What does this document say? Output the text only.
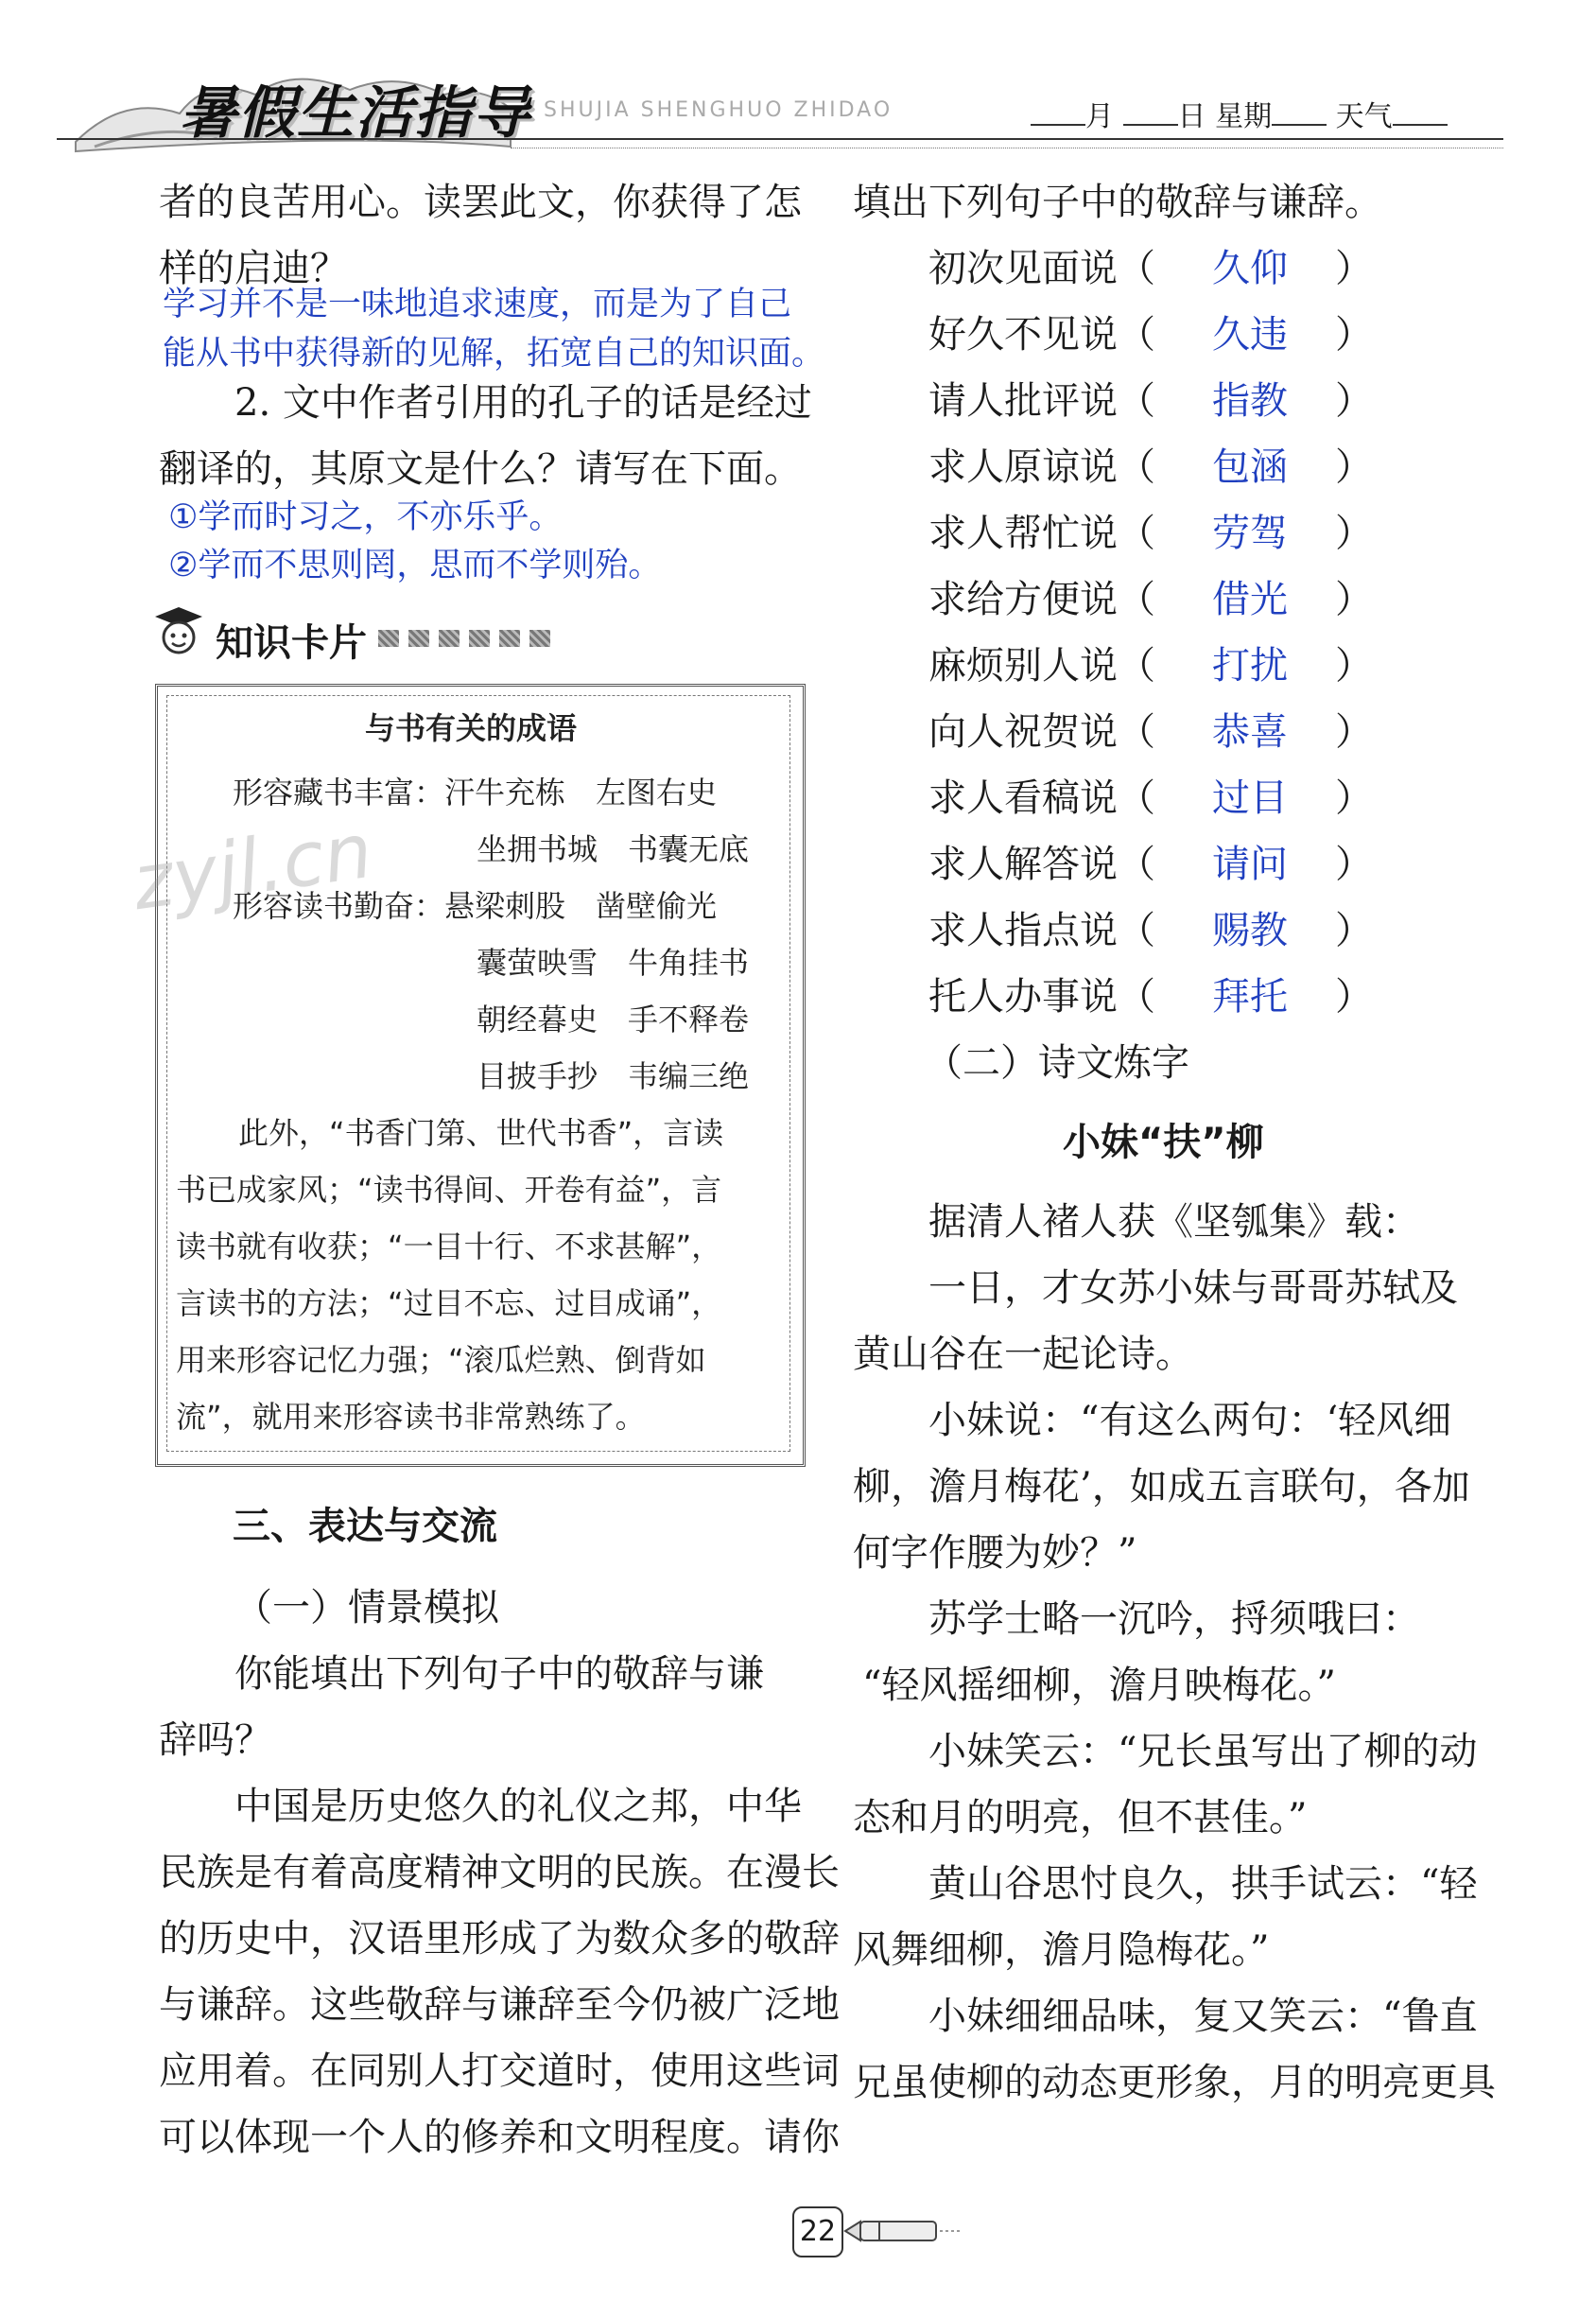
暑假生活指导 SHUJIA SHENGHUO ZHIDAO	月 日 星期 天气
者的良苦用心。读罢此文，你获得了怎
样的启迪？
学习并不是一味地追求速度，而是为了自己
能从书中获得新的见解，拓宽自己的知识面。
2. 文中作者引用的孔子的话是经过
翻译的，其原文是什么？请写在下面。
①学而时习之，不亦乐乎。
②学而不思则罔，思而不学则殆。
知识卡片
与书有关的成语
形容藏书丰富：汗牛充栋　左图右史
坐拥书城　书囊无底
形容读书勤奋：悬梁刺股　凿壁偷光
囊萤映雪　牛角挂书
朝经暮史　手不释卷
目披手抄　韦编三绝
此外，“书香门第、世代书香”，言读
书已成家风；“读书得间、开卷有益”，言
读书就有收获；“一目十行、不求甚解”，
言读书的方法；“过目不忘、过目成诵”，
用来形容记忆力强；“滚瓜烂熟、倒背如
流”，就用来形容读书非常熟练了。
zyjl.cn
三、表达与交流
（一）情景模拟
你能填出下列句子中的敬辞与谦
辞吗？
中国是历史悠久的礼仪之邦，中华
民族是有着高度精神文明的民族。在漫长
的历史中，汉语里形成了为数众多的敬辞
与谦辞。这些敬辞与谦辞至今仍被广泛地
应用着。在同别人打交道时，使用这些词
可以体现一个人的修养和文明程度。请你
填出下列句子中的敬辞与谦辞。
初次见面说（ 久仰 ）
好久不见说（ 久违 ）
请人批评说（ 指教 ）
求人原谅说（ 包涵 ）
求人帮忙说（ 劳驾 ）
求给方便说（ 借光 ）
麻烦别人说（ 打扰 ）
向人祝贺说（ 恭喜 ）
求人看稿说（ 过目 ）
求人解答说（ 请问 ）
求人指点说（ 赐教 ）
托人办事说（ 拜托 ）
（二）诗文炼字
小妹“扶”柳
据清人褚人获《坚瓠集》载：
一日，才女苏小妹与哥哥苏轼及
黄山谷在一起论诗。
小妹说：“有这么两句：‘轻风细
柳，澹月梅花’，如成五言联句，各加
何字作腰为妙？”
苏学士略一沉吟，捋须哦曰：
“轻风摇细柳，澹月映梅花。”
小妹笑云：“兄长虽写出了柳的动
态和月的明亮，但不甚佳。”
黄山谷思忖良久，拱手试云：“轻
风舞细柳，澹月隐梅花。”
小妹细细品味，复又笑云：“鲁直
兄虽使柳的动态更形象，月的明亮更具
22
